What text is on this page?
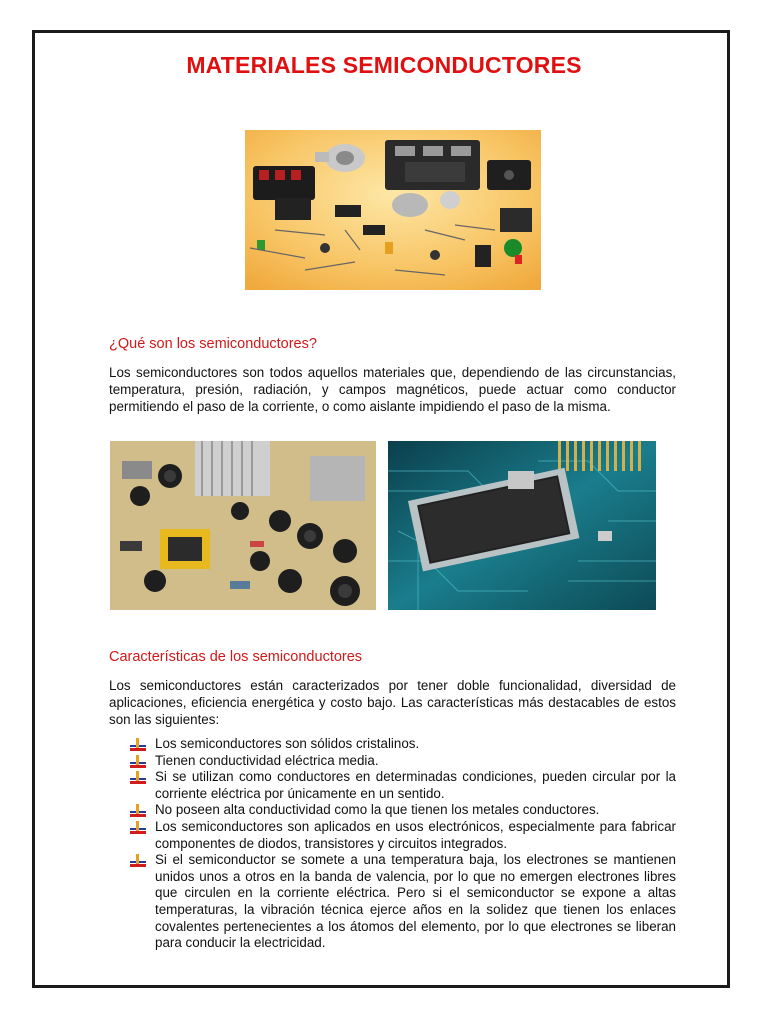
MATERIALES SEMICONDUCTORES
¿Qué son los semiconductores?
Los semiconductores son todos aquellos materiales que, dependiendo de las circunstancias, temperatura, presión, radiación, y campos magnéticos, puede actuar como conductor permitiendo el paso de la corriente, o como aislante impidiendo el paso de la misma.
Características de los semiconductores
Los semiconductores están caracterizados por tener doble funcionalidad, diversidad de aplicaciones, eficiencia energética y costo bajo. Las características más destacables de estos son las siguientes:
Los semiconductores son sólidos cristalinos.
Tienen conductividad eléctrica media.
Si se utilizan como conductores en determinadas condiciones, pueden circular por la corriente eléctrica por únicamente en un sentido.
No poseen alta conductividad como la que tienen los metales conductores.
Los semiconductores son aplicados en usos electrónicos, especialmente para fabricar componentes de diodos, transistores y circuitos integrados.
Si el semiconductor se somete a una temperatura baja, los electrones se mantienen unidos unos a otros en la banda de valencia, por lo que no emergen electrones libres que circulen en la corriente eléctrica. Pero si el semiconductor se expone a altas temperaturas, la vibración técnica ejerce años en la solidez que tienen los enlaces covalentes pertenecientes a los átomos del elemento, por lo que electrones se liberan para conducir la electricidad.
